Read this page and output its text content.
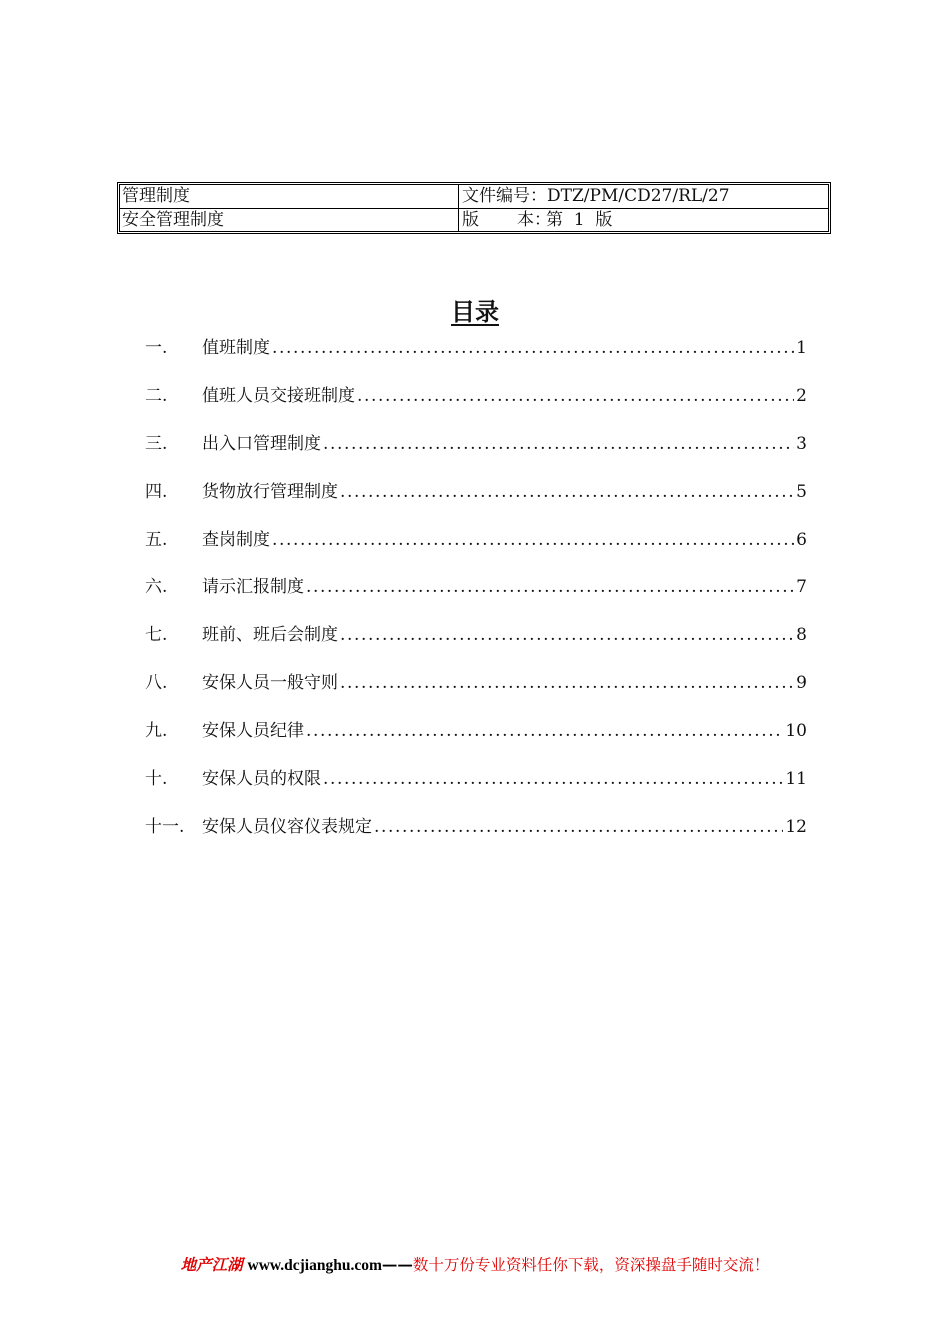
管理制度	文件编号：DTZ/PM/CD27/RL/27
安全管理制度	版 本：第  1  版
目录
一.	值班制度 .....	1
二.	值班人员交接班制度 .....	2
三.	出入口管理制度 .....	3
四.	货物放行管理制度 .....	5
五.	查岗制度 .....	6
六.	请示汇报制度 .....	7
七.	班前、班后会制度 .....	8
八.	安保人员一般守则 .....	9
九.	安保人员纪律 .....	10
十.	安保人员的权限 .....	11
十一.	安保人员仪容仪表规定 .....	12
地产江湖 www.dcjianghu.com——数十万份专业资料任你下载，资深操盘手随时交流！
